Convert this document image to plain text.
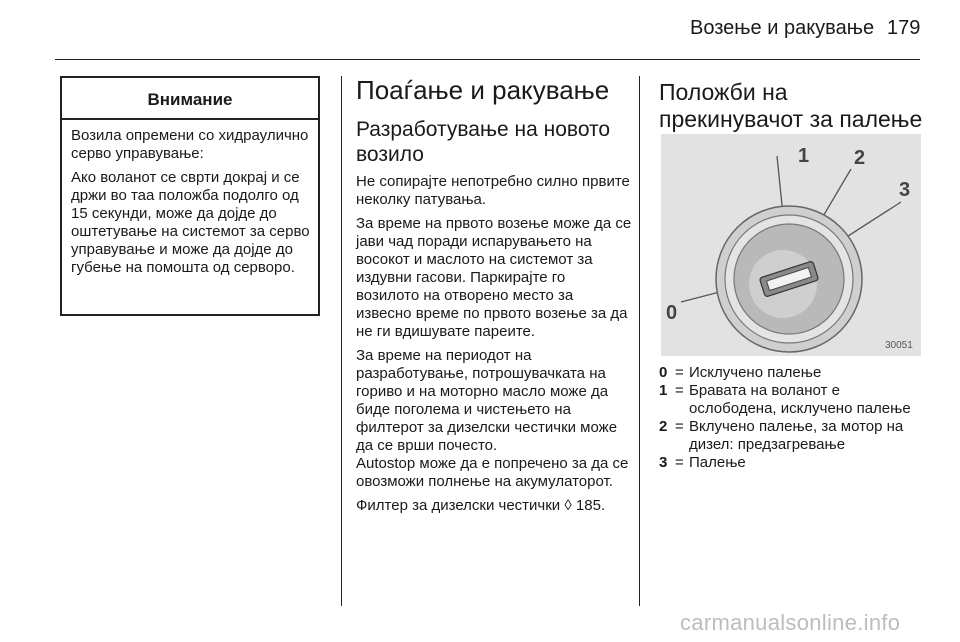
Возење и ракување 179
Внимание

Возила опремени со хидраулично серво управување:

Ако воланот се сврти докрај и се држи во таа положба подолго од 15 секунди, може да дојде до оштетување на системот за серво управување и може да дојде до губење на помошта од серворо.

Поаѓање и ракување
Разработување на новото возило

Не сопирајте непотребно силно првите неколку патувања.

За време на првото возење може да се јави чад поради испарувањето на восокот и маслото на системот за издувни гасови. Паркирајте го возилото на отворено место за извесно време по првото возење за да не ги вдишувате пареите.

За време на периодот на разработување, потрошувачката на гориво и на моторно масло може да биде поголема и чистењето на филтерот за дизелски честички може да се врши почесто.

Autostop може да е попречено за да се овозможи полнење на акумулаторот.

Филтер за дизелски честички ◊ 185.

Положби на прекинувачот за палење
0
1 2
3
30051
0 = Исклучено палење
1 = Бравата на воланот е ослободена, исклучено палење
2 = Вклучено палење, за мотор на дизел: предзагревање
3 = Палење
carmanualsonline.info
